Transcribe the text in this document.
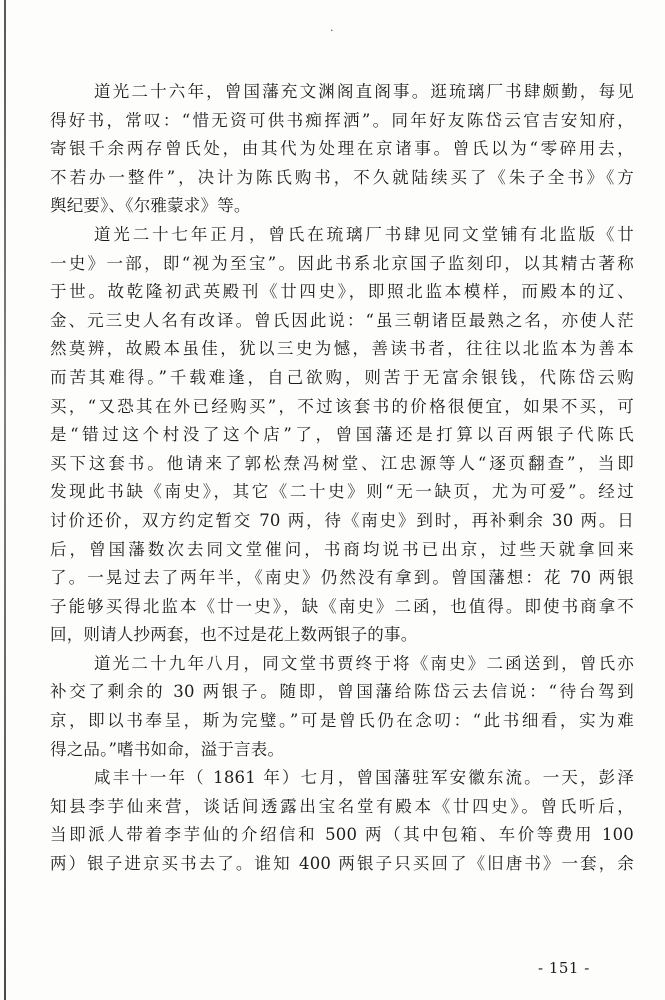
·
道光二十六年，曾国藩充文渊阁直阁事。逛琉璃厂书肆颇勤，每见
得好书，常叹：“惜无资可供书痴挥洒”。同年好友陈岱云官吉安知府，
寄银千余两存曾氏处，由其代为处理在京诸事。曾氏以为“零碎用去，
不若办一整件”，决计为陈氏购书，不久就陆续买了《朱子全书》《方
舆纪要》、《尔雅蒙求》等。
道光二十七年正月，曾氏在琉璃厂书肆见同文堂铺有北监版《廿
一史》一部，即“视为至宝”。因此书系北京国子监刻印，以其精古著称
于世。故乾隆初武英殿刊《廿四史》，即照北监本模样，而殿本的辽、
金、元三史人名有改译。曾氏因此说：“虽三朝诸臣最熟之名，亦使人茫
然莫辨，故殿本虽佳，犹以三史为憾，善读书者，往往以北监本为善本
而苦其难得。”千载难逢，自己欲购，则苦于无富余银钱，代陈岱云购
买，“又恐其在外已经购买”，不过该套书的价格很便宜，如果不买，可
是“错过这个村没了这个店”了，曾国藩还是打算以百两银子代陈氏
买下这套书。他请来了郭松焘冯树堂、江忠源等人“逐页翻查”，当即
发现此书缺《南史》，其它《二十史》则“无一缺页，尤为可爱”。经过
讨价还价，双方约定暂交 70 两，待《南史》到时，再补剩余 30 两。日
后，曾国藩数次去同文堂催问，书商均说书已出京，过些天就拿回来
了。一晃过去了两年半，《南史》仍然没有拿到。曾国藩想：花 70 两银
子能够买得北监本《廿一史》，缺《南史》二函，也值得。即使书商拿不
回，则请人抄两套，也不过是花上数两银子的事。
道光二十九年八月，同文堂书贾终于将《南史》二函送到，曾氏亦
补交了剩余的 30 两银子。随即，曾国藩给陈岱云去信说：“待台驾到
京，即以书奉呈，斯为完璧。”可是曾氏仍在念叨：“此书细看，实为难
得之品。”嗜书如命，溢于言表。
咸丰十一年（ 1861 年）七月，曾国藩驻军安徽东流。一天，彭泽
知县李芋仙来营，谈话间透露出宝名堂有殿本《廿四史》。曾氏听后，
当即派人带着李芋仙的介绍信和 500 两（其中包箱、车价等费用 100
两）银子进京买书去了。谁知 400 两银子只买回了《旧唐书》一套，余
- 151 -
